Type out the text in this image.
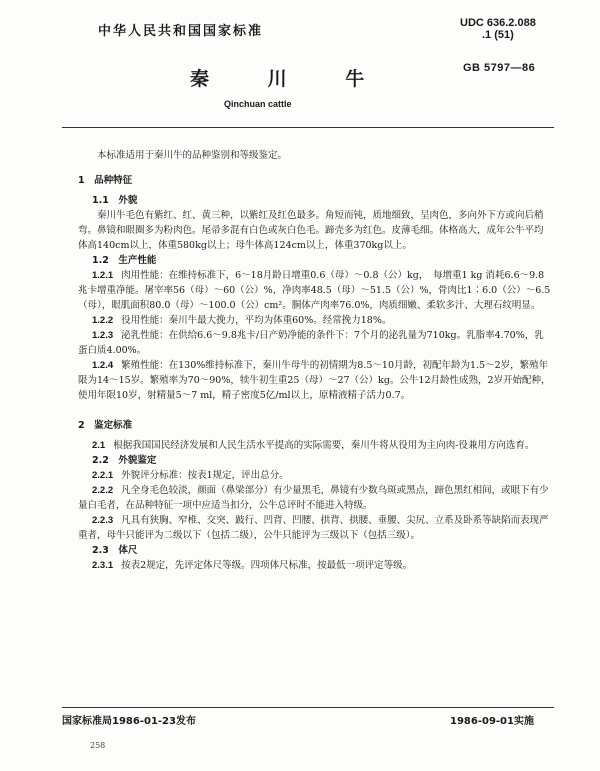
中华人民共和国国家标准
UDC 636.2.088
.1 (51)
秦 川 牛	GB 5797—86
Qinchuan cattle

本标准适用于秦川牛的品种鉴别和等级鉴定。

1　品种特征

1.1　外貌

秦川牛毛色有紫红、红、黄三种，以紫红及红色最多。角短而钝，质地细致，呈肉色，多向外下方或向后稍弯。鼻镜和眼圈多为粉肉色。尾帚多混有白色或灰白色毛。蹄壳多为红色。皮薄毛细。体格高大，成年公牛平均体高140cm以上，体重580kg以上；母牛体高124cm以上，体重370kg以上。

1.2　生产性能

1.2.1 肉用性能：在维持标准下，6～18月龄日增重0.6（母）～0.8（公）kg，　每增重1 kg 消耗6.6～9.8兆卡增重净能。屠宰率56（母）～60（公）%，净肉率48.5（母）～51.5（公）%，骨肉比1∶6.0（公）～6.5（母），眼肌面积80.0（母）～100.0（公）cm²。胴体产肉率76.0%，肉质细嫩、柔软多汁、大理石纹明显。

1.2.2 役用性能：秦川牛最大挽力，平均为体重60%。经常挽力18%。

1.2.3 泌乳性能：在供给6.6～9.8兆卡/日产奶净能的条件下：7个月的泌乳量为710kg。乳脂率4.70%，乳蛋白质4.00%。

1.2.4 繁殖性能：在130%维持标准下，秦川牛母牛的初情期为8.5～10月龄，初配年龄为1.5～2岁，繁殖年限为14～15岁。繁殖率为70～90%，犊牛初生重25（母）～27（公）kg。公牛12月龄性成熟，2岁开始配种，使用年限10岁，射精量5～7 ml，精子密度5亿/ml以上，原精液精子活力0.7。

2　鉴定标准

2.1 根据我国国民经济发展和人民生活水平提高的实际需要，秦川牛将从役用为主向肉-役兼用方向选育。

2.2　外貌鉴定

2.2.1 外貌评分标准：按表1规定，评出总分。

2.2.2 凡全身毛色较淡，颜面（鼻梁部分）有少量黑毛，鼻镜有少数乌斑或黑点，蹄色黑红相间，或眼下有少量白毛者，在品种特征一项中应适当扣分，公牛总评时不能进入特级。

2.2.3 凡具有狭胸、窄椎、交突、跛行、凹背、凹腰、拱背、拱腰、垂腰、尖尻、立系及卧系等缺陷而表现严重者，母牛只能评为二级以下（包括二级），公牛只能评为三级以下（包括三级）。

2.3　体尺

2.3.1 按表2规定，先评定体尺等级。四项体尺标准，按最低一项评定等级。

国家标准局1986-01-23发布	1986-09-01实施
258
